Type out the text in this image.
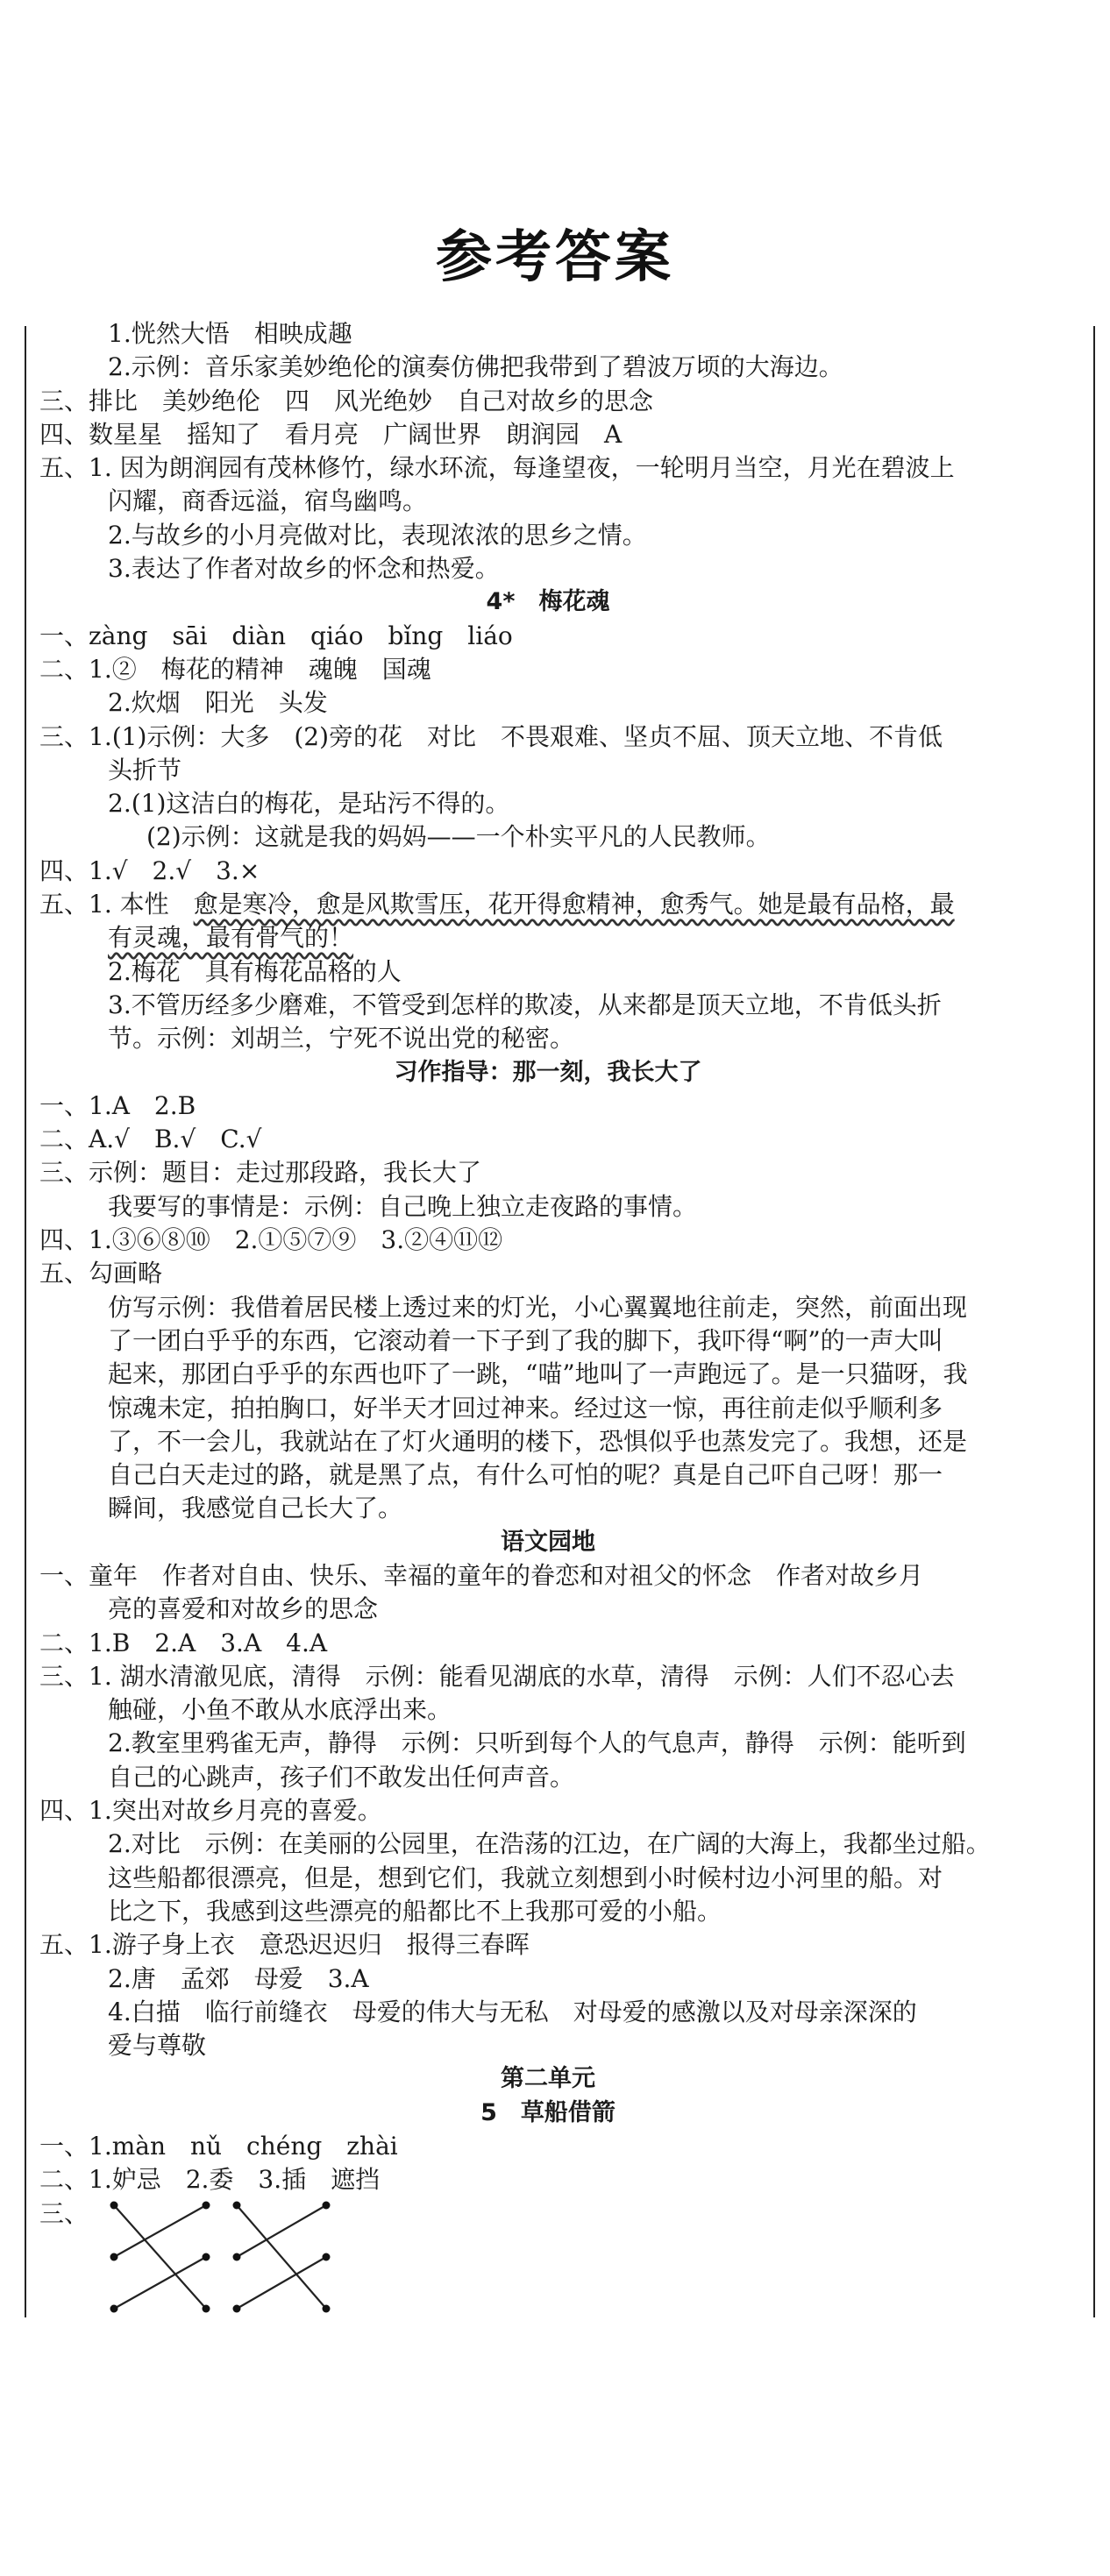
参考答案

1.恍然大悟　相映成趣

2.示例：音乐家美妙绝伦的演奏仿佛把我带到了碧波万顷的大海边。

三、排比　美妙绝伦　四　风光绝妙　自己对故乡的思念

四、数星星　摇知了　看月亮　广阔世界　朗润园　A

五、1. 因为朗润园有茂林修竹，绿水环流，每逢望夜，一轮明月当空，月光在碧波上

闪耀，商香远溢，宿鸟幽鸣。

2.与故乡的小月亮做对比，表现浓浓的思乡之情。

3.表达了作者对故乡的怀念和热爱。

4*　梅花魂

一、zàng　sāi　diàn　qiáo　bǐng　liáo

二、1.②　梅花的精神　魂魄　国魂

2.炊烟　阳光　头发

三、1.(1)示例：大多　(2)旁的花　对比　不畏艰难、坚贞不屈、顶天立地、不肯低

头折节

2.(1)这洁白的梅花，是玷污不得的。

(2)示例：这就是我的妈妈——一个朴实平凡的人民教师。

四、1.√　2.√　3.×

五、1. 本性　愈是寒冷，愈是风欺雪压，花开得愈精神，愈秀气。她是最有品格，最

有灵魂，最有骨气的！

2.梅花　具有梅花品格的人

3.不管历经多少磨难，不管受到怎样的欺凌，从来都是顶天立地，不肯低头折

节。示例：刘胡兰，宁死不说出党的秘密。

习作指导：那一刻，我长大了

一、1.A　2.B

二、A.√　B.√　C.√

三、示例：题目：走过那段路，我长大了

我要写的事情是：示例：自己晚上独立走夜路的事情。

四、1.③⑥⑧⑩　2.①⑤⑦⑨　3.②④⑪⑫

五、勾画略

仿写示例：我借着居民楼上透过来的灯光，小心翼翼地往前走，突然，前面出现

了一团白乎乎的东西，它滚动着一下子到了我的脚下，我吓得“啊”的一声大叫

起来，那团白乎乎的东西也吓了一跳，“喵”地叫了一声跑远了。是一只猫呀，我

惊魂未定，拍拍胸口，好半天才回过神来。经过这一惊，再往前走似乎顺利多

了，不一会儿，我就站在了灯火通明的楼下，恐惧似乎也蒸发完了。我想，还是

自己白天走过的路，就是黑了点，有什么可怕的呢？真是自己吓自己呀！那一

瞬间，我感觉自己长大了。

语文园地

一、童年　作者对自由、快乐、幸福的童年的眷恋和对祖父的怀念　作者对故乡月

亮的喜爱和对故乡的思念

二、1.B　2.A　3.A　4.A

三、1. 湖水清澈见底，清得　示例：能看见湖底的水草，清得　示例：人们不忍心去

触碰，小鱼不敢从水底浮出来。

2.教室里鸦雀无声，静得　示例：只听到每个人的气息声，静得　示例：能听到

自己的心跳声，孩子们不敢发出任何声音。

四、1.突出对故乡月亮的喜爱。

2.对比　示例：在美丽的公园里，在浩荡的江边，在广阔的大海上，我都坐过船。

这些船都很漂亮，但是，想到它们，我就立刻想到小时候村边小河里的船。对

比之下，我感到这些漂亮的船都比不上我那可爱的小船。

五、1.游子身上衣　意恐迟迟归　报得三春晖

2.唐　孟郊　母爱　3.A

4.白描　临行前缝衣　母爱的伟大与无私　对母爱的感激以及对母亲深深的

爱与尊敬

第二单元

5　草船借箭

一、1.màn　nǔ　chéng　zhài

二、1.妒忌　2.委　3.插　遮挡

三、
